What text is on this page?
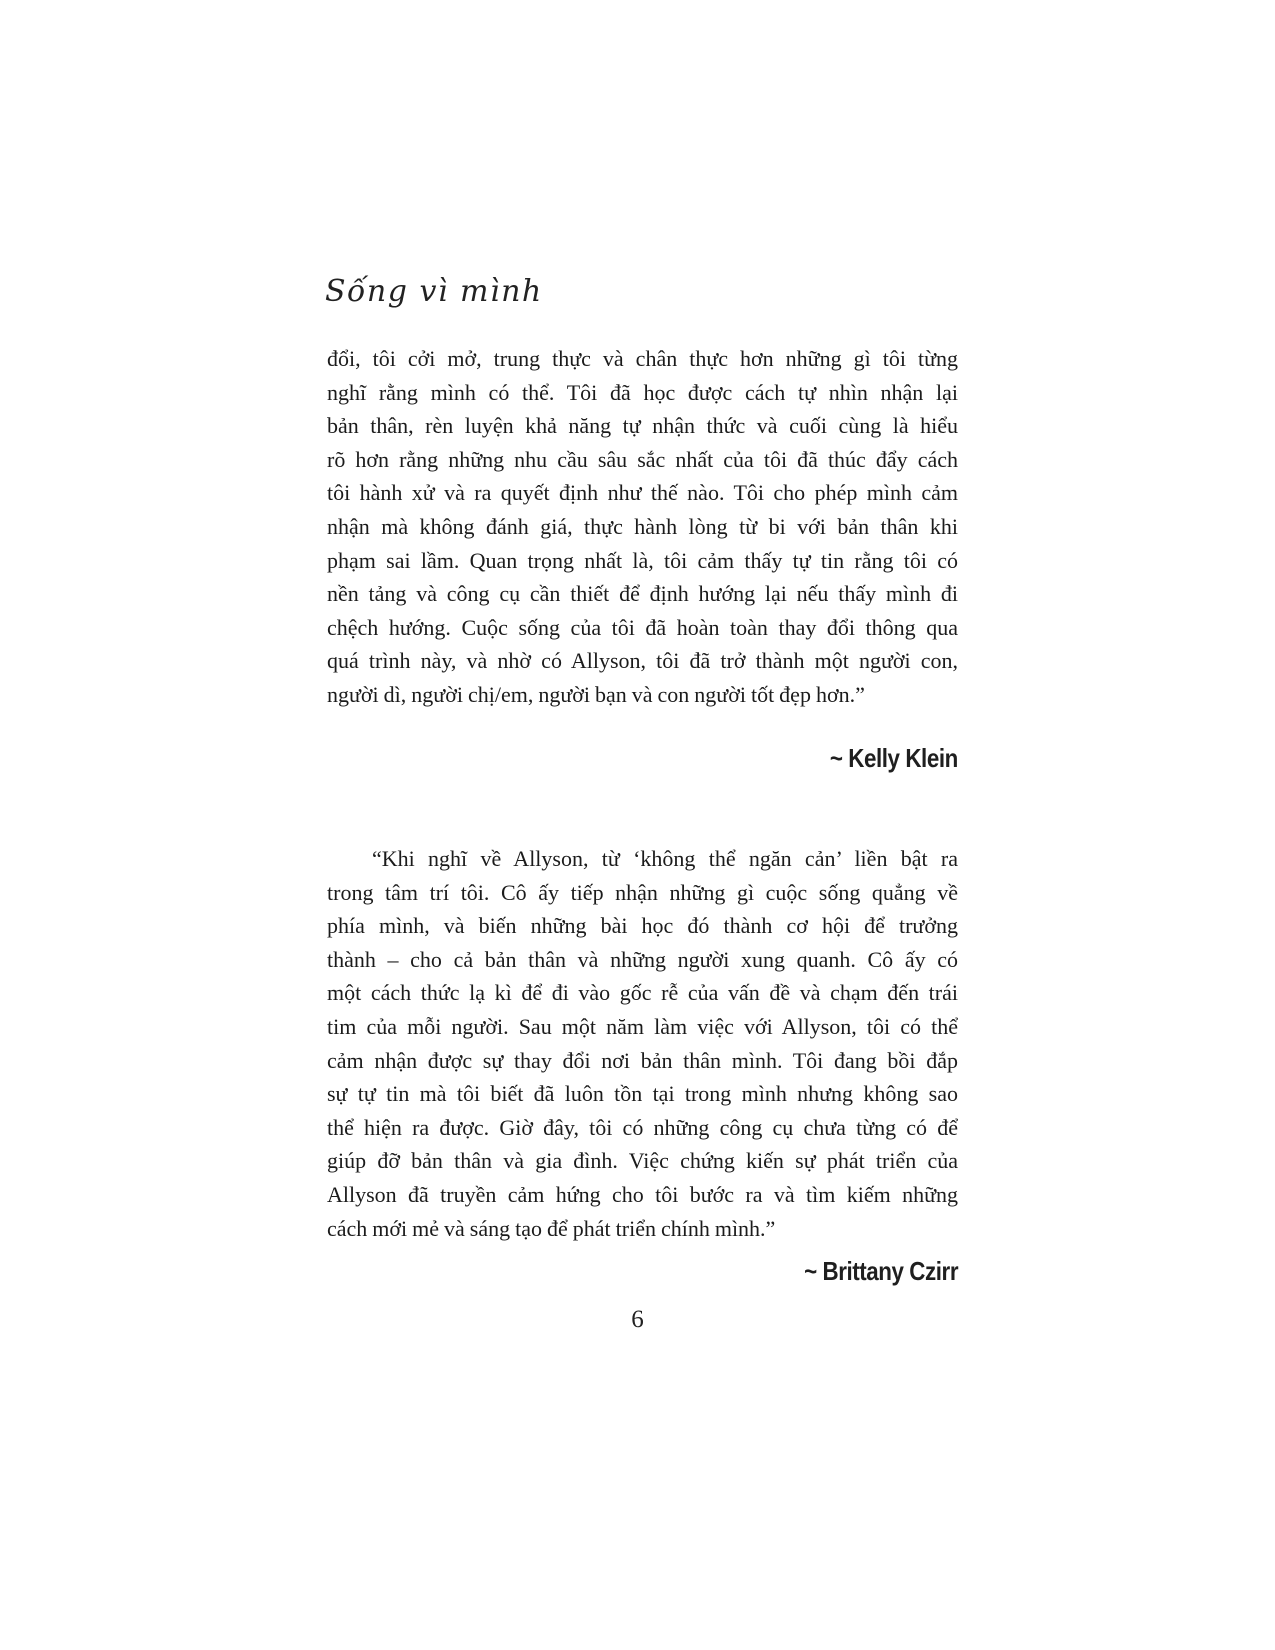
Sống vì mình
đổi, tôi cởi mở, trung thực và chân thực hơn những gì tôi từng
nghĩ rằng mình có thể. Tôi đã học được cách tự nhìn nhận lại
bản thân, rèn luyện khả năng tự nhận thức và cuối cùng là hiểu
rõ hơn rằng những nhu cầu sâu sắc nhất của tôi đã thúc đẩy cách
tôi hành xử và ra quyết định như thế nào. Tôi cho phép mình cảm
nhận mà không đánh giá, thực hành lòng từ bi với bản thân khi
phạm sai lầm. Quan trọng nhất là, tôi cảm thấy tự tin rằng tôi có
nền tảng và công cụ cần thiết để định hướng lại nếu thấy mình đi
chệch hướng. Cuộc sống của tôi đã hoàn toàn thay đổi thông qua
quá trình này, và nhờ có Allyson, tôi đã trở thành một người con,
người dì, người chị/em, người bạn và con người tốt đẹp hơn.”
~ Kelly Klein
“Khi nghĩ về Allyson, từ ‘không thể ngăn cản’ liền bật ra
trong tâm trí tôi. Cô ấy tiếp nhận những gì cuộc sống quẳng về
phía mình, và biến những bài học đó thành cơ hội để trưởng
thành – cho cả bản thân và những người xung quanh. Cô ấy có
một cách thức lạ kì để đi vào gốc rễ của vấn đề và chạm đến trái
tim của mỗi người. Sau một năm làm việc với Allyson, tôi có thể
cảm nhận được sự thay đổi nơi bản thân mình. Tôi đang bồi đắp
sự tự tin mà tôi biết đã luôn tồn tại trong mình nhưng không sao
thể hiện ra được. Giờ đây, tôi có những công cụ chưa từng có để
giúp đỡ bản thân và gia đình. Việc chứng kiến sự phát triển của
Allyson đã truyền cảm hứng cho tôi bước ra và tìm kiếm những
cách mới mẻ và sáng tạo để phát triển chính mình.”
~ Brittany Czirr
6
